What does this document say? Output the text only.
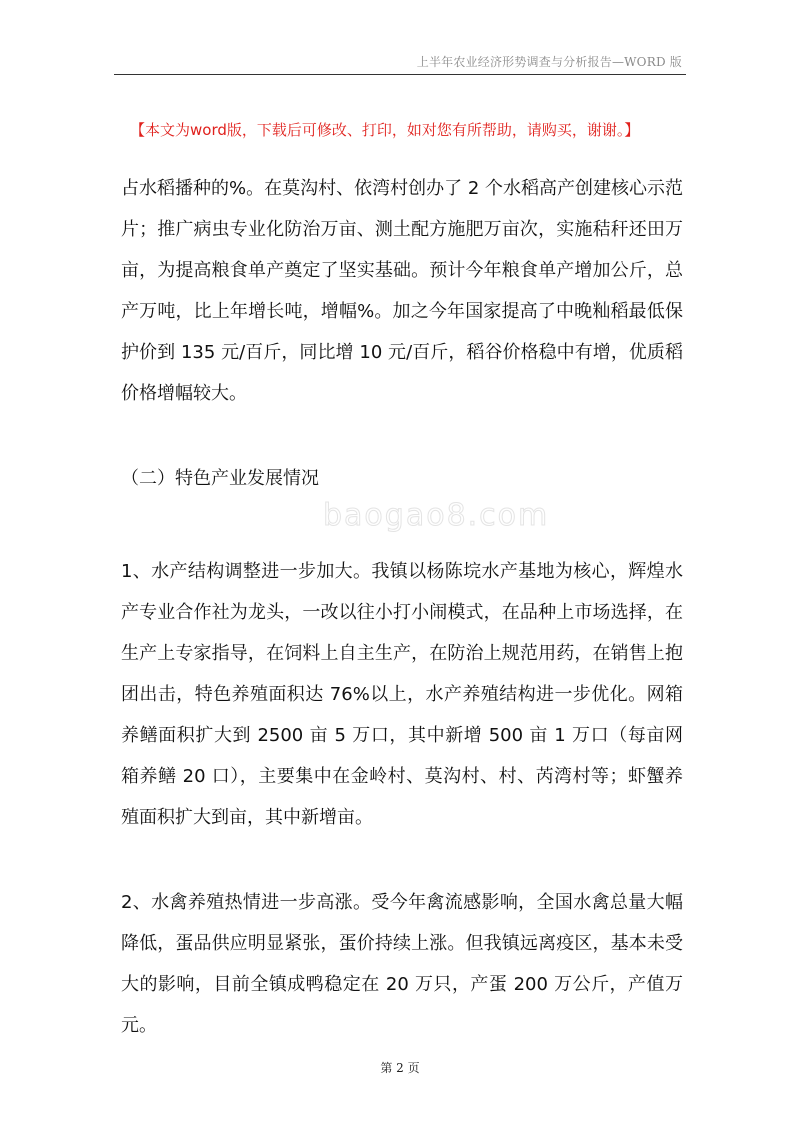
上半年农业经济形势调查与分析报告—WORD 版
【本文为word版，下载后可修改、打印，如对您有所帮助，请购买，谢谢。】
baogao8.com

占水稻播种的%。在莫沟村、依湾村创办了 2 个水稻高产创建核心示范片；推广病虫专业化防治万亩、测土配方施肥万亩次，实施秸秆还田万亩，为提高粮食单产奠定了坚实基础。预计今年粮食单产增加公斤，总产万吨，比上年增长吨，增幅%。加之今年国家提高了中晚籼稻最低保护价到 135 元/百斤，同比增 10 元/百斤，稻谷价格稳中有增，优质稻价格增幅较大。

（二）特色产业发展情况

1、水产结构调整进一步加大。我镇以杨陈垸水产基地为核心，辉煌水产专业合作社为龙头，一改以往小打小闹模式，在品种上市场选择，在生产上专家指导，在饲料上自主生产，在防治上规范用药，在销售上抱团出击，特色养殖面积达 76%以上，水产养殖结构进一步优化。网箱养鳝面积扩大到 2500 亩 5 万口，其中新增 500 亩 1 万口（每亩网箱养鳝 20 口），主要集中在金岭村、莫沟村、村、芮湾村等；虾蟹养殖面积扩大到亩，其中新增亩。

2、水禽养殖热情进一步高涨。受今年禽流感影响，全国水禽总量大幅降低，蛋品供应明显紧张，蛋价持续上涨。但我镇远离疫区，基本未受大的影响，目前全镇成鸭稳定在 20 万只，产蛋 200 万公斤，产值万元。

第 2 页
